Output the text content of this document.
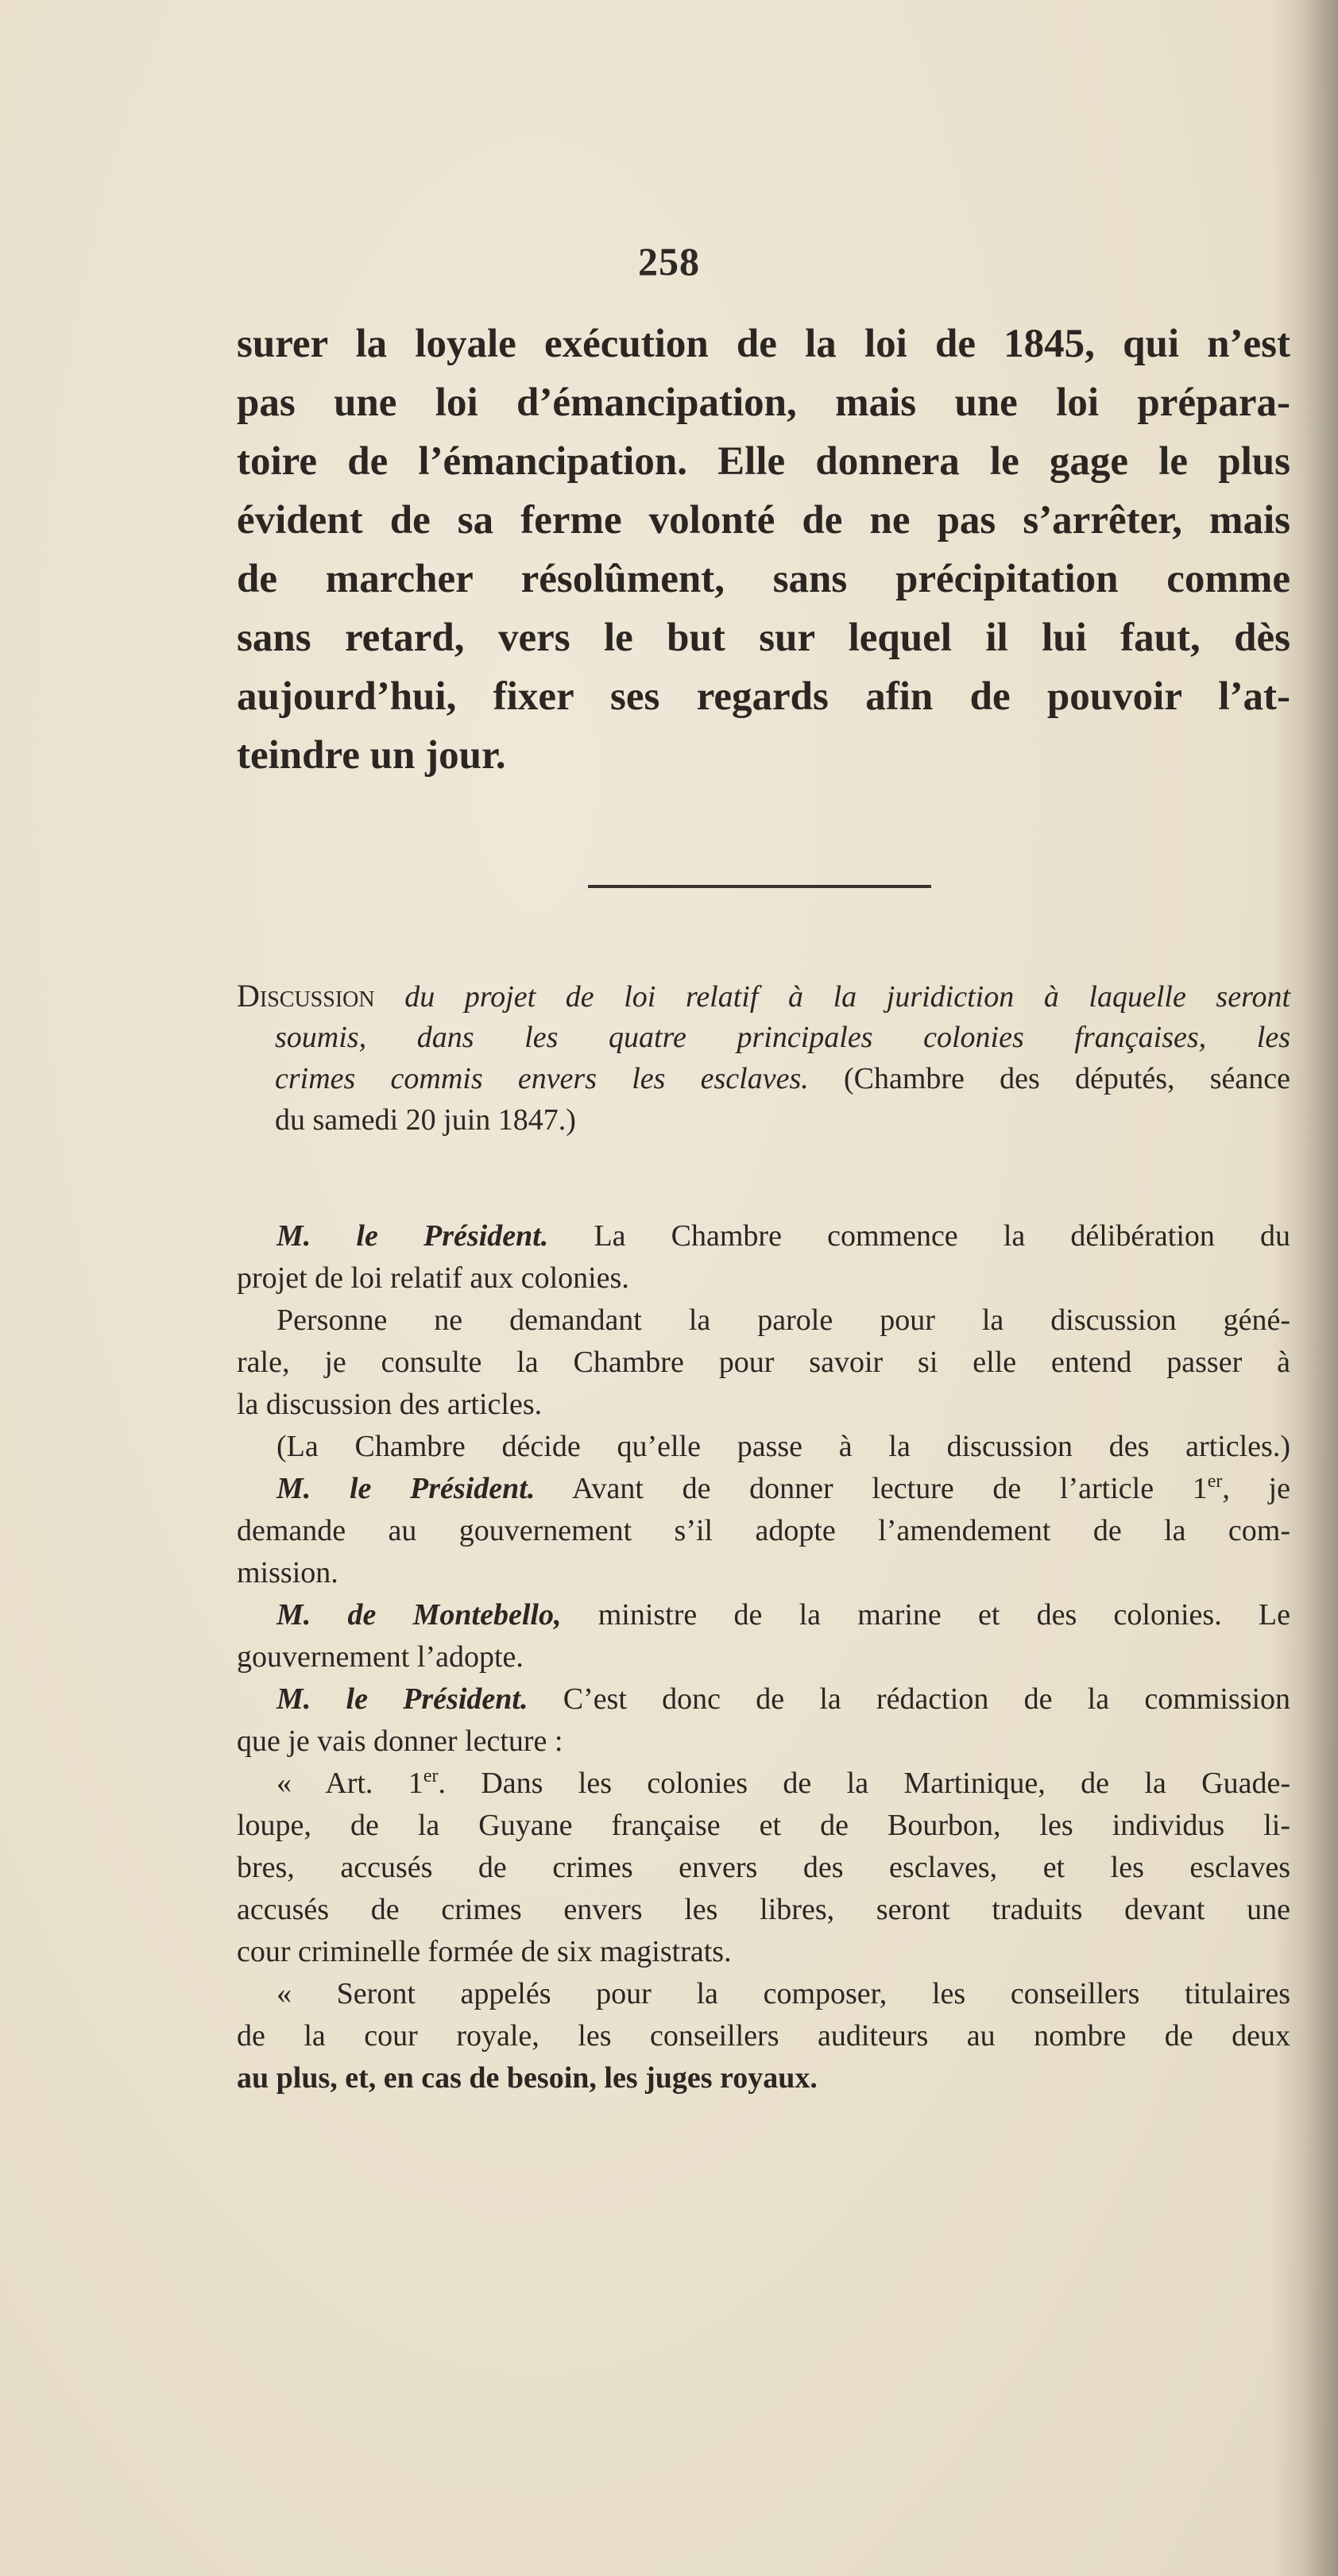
258
surer la loyale exécution de la loi de 1845, qui n’est
pas une loi d’émancipation, mais une loi prépara-
toire de l’émancipation. Elle donnera le gage le plus
évident de sa ferme volonté de ne pas s’arrêter, mais
de marcher résolûment, sans précipitation comme
sans retard, vers le but sur lequel il lui faut, dès
aujourd’hui, fixer ses regards afin de pouvoir l’at-
teindre un jour.
Discussion du projet de loi relatif à la juridiction à laquelle seront
soumis, dans les quatre principales colonies françaises, les
crimes commis envers les esclaves. (Chambre des députés, séance
du samedi 20 juin 1847.)
M. le Président. La Chambre commence la délibération du
projet de loi relatif aux colonies.
Personne ne demandant la parole pour la discussion géné-
rale, je consulte la Chambre pour savoir si elle entend passer à
la discussion des articles.
(La Chambre décide qu’elle passe à la discussion des articles.)
M. le Président. Avant de donner lecture de l’article 1er, je
demande au gouvernement s’il adopte l’amendement de la com-
mission.
M. de Montebello, ministre de la marine et des colonies. Le
gouvernement l’adopte.
M. le Président. C’est donc de la rédaction de la commission
que je vais donner lecture :
« Art. 1er. Dans les colonies de la Martinique, de la Guade-
loupe, de la Guyane française et de Bourbon, les individus li-
bres, accusés de crimes envers des esclaves, et les esclaves
accusés de crimes envers les libres, seront traduits devant une
cour criminelle formée de six magistrats.
« Seront appelés pour la composer, les conseillers titulaires
de la cour royale, les conseillers auditeurs au nombre de deux
au plus, et, en cas de besoin, les juges royaux.
